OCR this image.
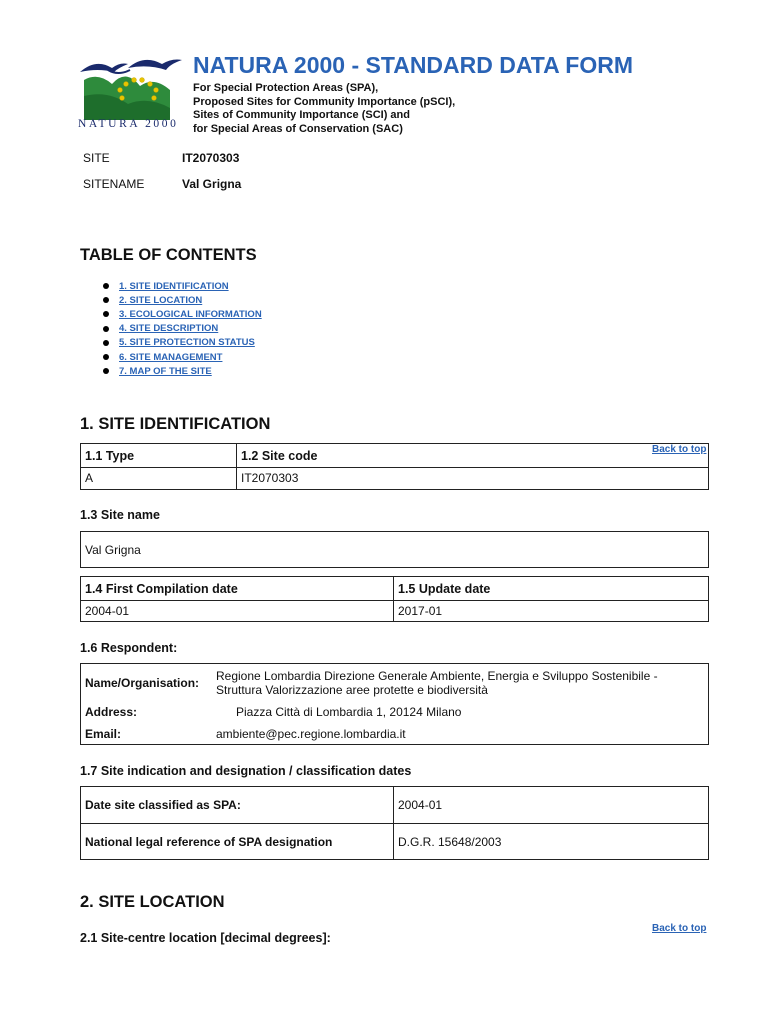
NATURA 2000
NATURA 2000 - STANDARD DATA FORM
For Special Protection Areas (SPA),
Proposed Sites for Community Importance (pSCI),
Sites of Community Importance (SCI) and
for Special Areas of Conservation (SAC)
SITE	IT2070303
SITENAME	Val Grigna
TABLE OF CONTENTS
1. SITE IDENTIFICATION
2. SITE LOCATION
3. ECOLOGICAL INFORMATION
4. SITE DESCRIPTION
5. SITE PROTECTION STATUS
6. SITE MANAGEMENT
7. MAP OF THE SITE
1. SITE IDENTIFICATION
1.1 Type	1.2 Site code
A	IT2070303
Back to top
1.3 Site name
Val Grigna
1.4 First Compilation date	1.5 Update date
2004-01	2017-01
1.6 Respondent:
Name/Organisation: Regione Lombardia Direzione Generale Ambiente, Energia e Sviluppo Sostenibile -
Struttura Valorizzazione aree protette e biodiversità
Address:	Piazza Città di Lombardia 1, 20124 Milano
Email:	ambiente@pec.regione.lombardia.it
1.7 Site indication and designation / classification dates
Date site classified as SPA:	2004-01
National legal reference of SPA designation	D.G.R. 15648/2003
2. SITE LOCATION
Back to top
2.1 Site-centre location [decimal degrees]:
